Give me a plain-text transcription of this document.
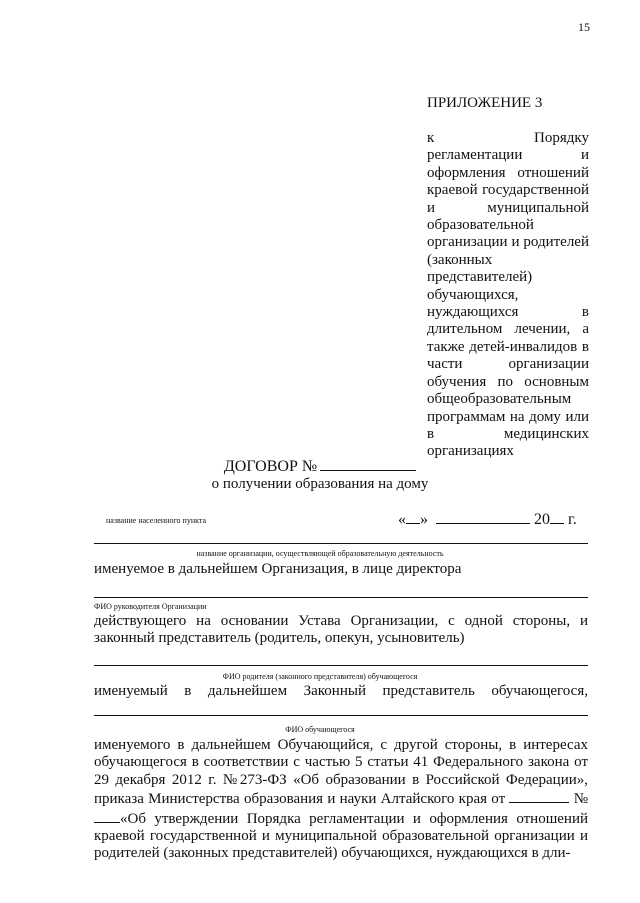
15
ПРИЛОЖЕНИЕ 3
к Порядку регламентации и оформления отношений краевой государственной и муниципальной образовательной организации и родителей (законных представителей) обучающихся, нуждающихся в длительном лечении, а также детей-инвалидов в части организации обучения по основным общеобразовательным программам на дому или в медицинских организациях
ДОГОВОР №
о получении образования на дому
название населенного пункта	« »	20 г.
название организации, осуществляющей образовательную деятельность
именуемое в дальнейшем Организация, в лице директора
ФИО руководителя Организации
действующего на основании Устава Организации, с одной стороны, и законный представитель (родитель, опекун, усыновитель)
ФИО родителя (законного представителя) обучающегося
именуемый в дальнейшем Законный представитель обучающегося,
ФИО обучающегося
именуемого в дальнейшем Обучающийся, с другой стороны, в интересах обучающегося в соответствии с частью 5 статьи 41 Федерального закона от 29 декабря 2012 г. №273-ФЗ «Об образовании в Российской Федерации», приказа Министерства образования и науки Алтайского края от	№ «Об утверждении Порядка регламентации и оформления отношений краевой государственной и муниципальной образовательной организации и родителей (законных представителей) обучающихся, нуждающихся в дли-
